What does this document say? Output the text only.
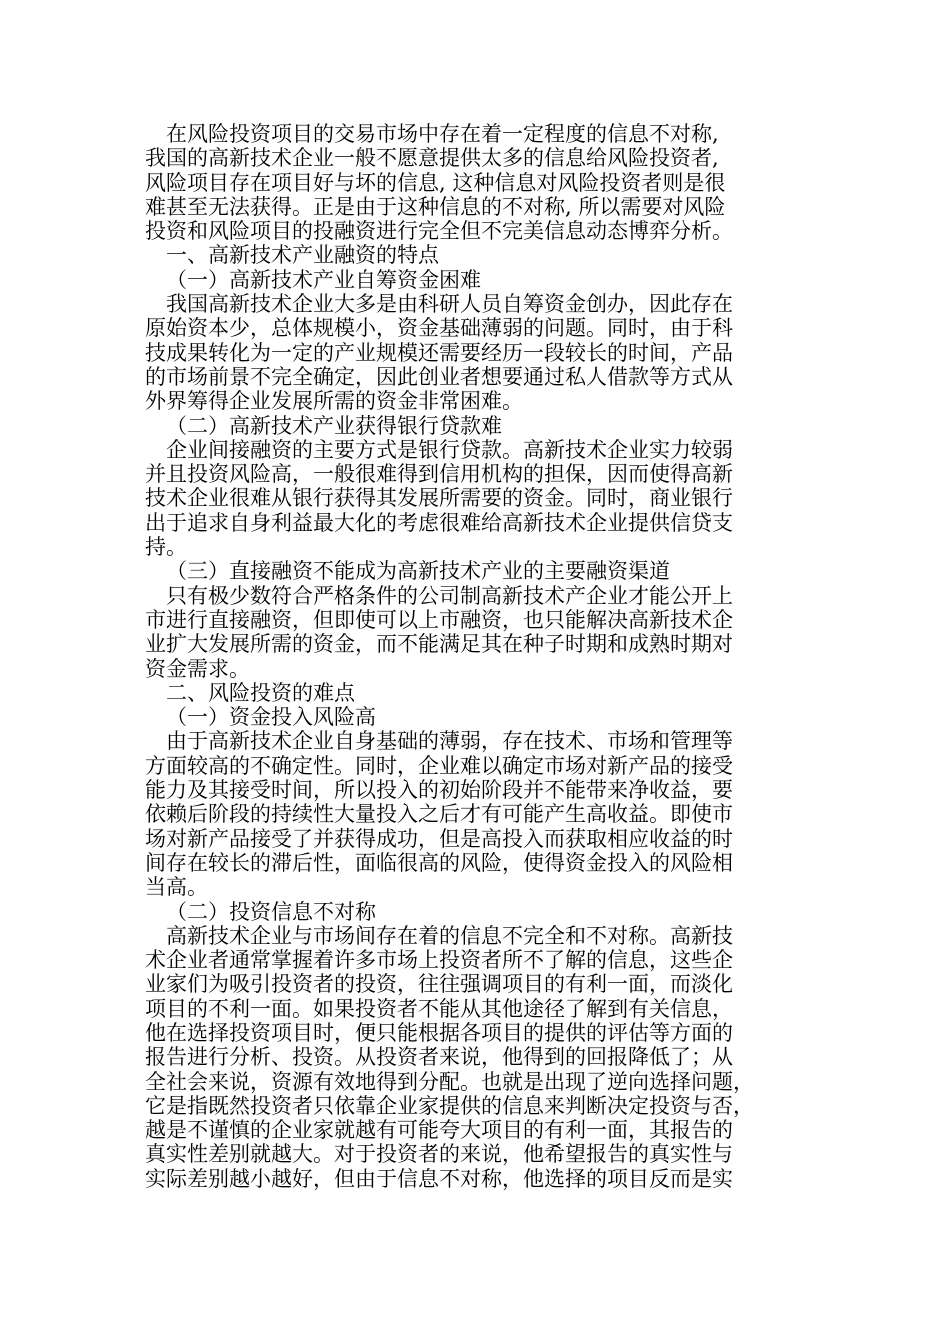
在风险投资项目的交易市场中存在着一定程度的信息不对称,
我国的高新技术企业一般不愿意提供太多的信息给风险投资者,
风险项目存在项目好与坏的信息, 这种信息对风险投资者则是很
难甚至无法获得。正是由于这种信息的不对称, 所以需要对风险
投资和风险项目的投融资进行完全但不完美信息动态博弈分析。
一、高新技术产业融资的特点
（一）高新技术产业自筹资金困难
我国高新技术企业大多是由科研人员自筹资金创办，因此存在
原始资本少，总体规模小，资金基础薄弱的问题。同时，由于科
技成果转化为一定的产业规模还需要经历一段较长的时间，产品
的市场前景不完全确定，因此创业者想要通过私人借款等方式从
外界筹得企业发展所需的资金非常困难。
（二）高新技术产业获得银行贷款难
企业间接融资的主要方式是银行贷款。高新技术企业实力较弱
并且投资风险高，一般很难得到信用机构的担保，因而使得高新
技术企业很难从银行获得其发展所需要的资金。同时，商业银行
出于追求自身利益最大化的考虑很难给高新技术企业提供信贷支
持。
（三）直接融资不能成为高新技术产业的主要融资渠道
只有极少数符合严格条件的公司制高新技术产企业才能公开上
市进行直接融资，但即使可以上市融资，也只能解决高新技术企
业扩大发展所需的资金，而不能满足其在种子时期和成熟时期对
资金需求。
二、风险投资的难点
（一）资金投入风险高
由于高新技术企业自身基础的薄弱，存在技术、市场和管理等
方面较高的不确定性。同时，企业难以确定市场对新产品的接受
能力及其接受时间，所以投入的初始阶段并不能带来净收益，要
依赖后阶段的持续性大量投入之后才有可能产生高收益。即使市
场对新产品接受了并获得成功，但是高投入而获取相应收益的时
间存在较长的滞后性，面临很高的风险，使得资金投入的风险相
当高。
（二）投资信息不对称
高新技术企业与市场间存在着的信息不完全和不对称。高新技
术企业者通常掌握着许多市场上投资者所不了解的信息，这些企
业家们为吸引投资者的投资，往往强调项目的有利一面，而淡化
项目的不利一面。如果投资者不能从其他途径了解到有关信息，
他在选择投资项目时，便只能根据各项目的提供的评估等方面的
报告进行分析、投资。从投资者来说，他得到的回报降低了；从
全社会来说，资源有效地得到分配。也就是出现了逆向选择问题，
它是指既然投资者只依靠企业家提供的信息来判断决定投资与否，
越是不谨慎的企业家就越有可能夸大项目的有利一面，其报告的
真实性差别就越大。对于投资者的来说，他希望报告的真实性与
实际差别越小越好，但由于信息不对称，他选择的项目反而是实
